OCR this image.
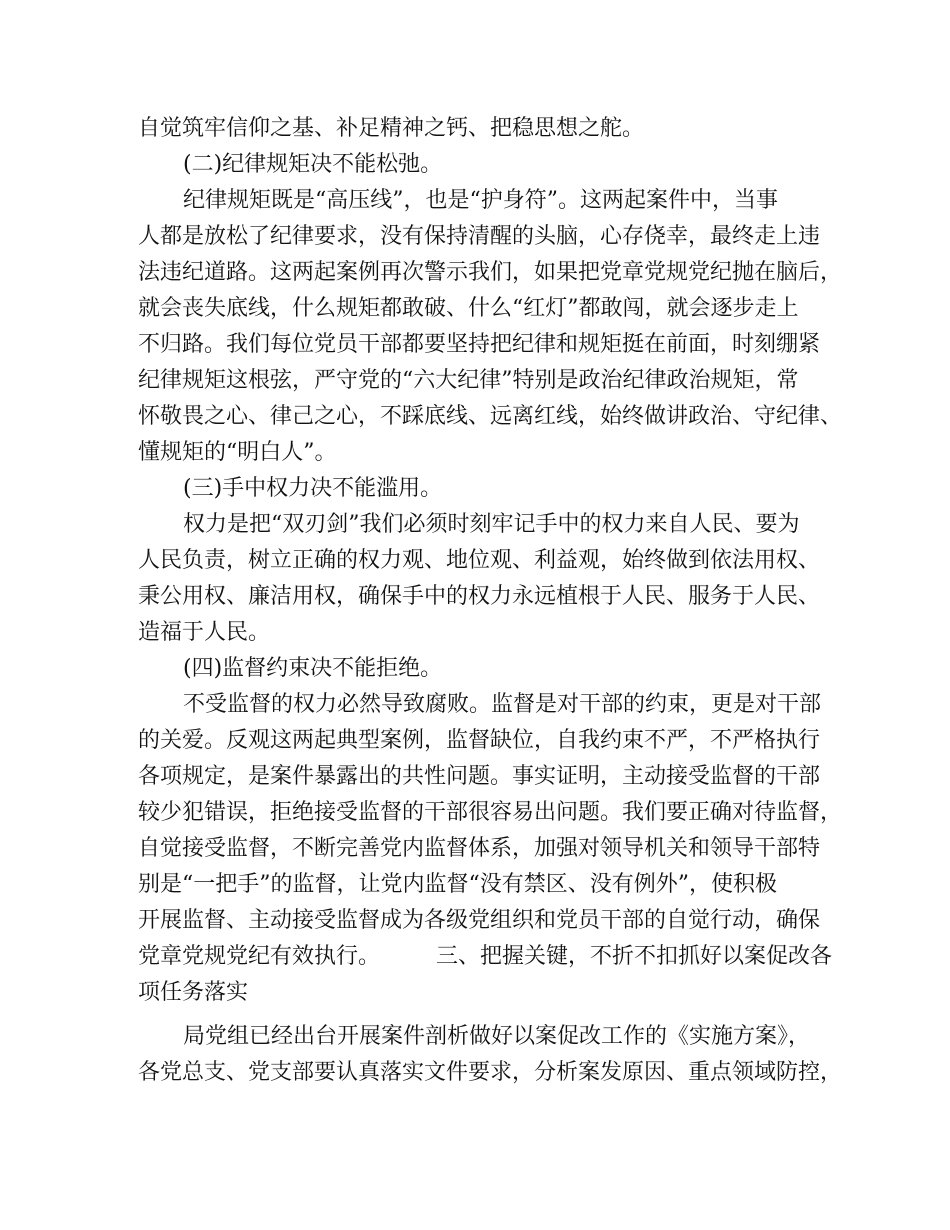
自觉筑牢信仰之基、补足精神之钙、把稳思想之舵。
(二)纪律规矩决不能松弛。
纪律规矩既是“高压线”，也是“护身符”。这两起案件中，当事
人都是放松了纪律要求，没有保持清醒的头脑，心存侥幸，最终走上违
法违纪道路。这两起案例再次警示我们，如果把党章党规党纪抛在脑后，
就会丧失底线，什么规矩都敢破、什么“红灯”都敢闯，就会逐步走上
不归路。我们每位党员干部都要坚持把纪律和规矩挺在前面，时刻绷紧
纪律规矩这根弦，严守党的“六大纪律”特别是政治纪律政治规矩，常
怀敬畏之心、律己之心，不踩底线、远离红线，始终做讲政治、守纪律、
懂规矩的“明白人”。
(三)手中权力决不能滥用。
权力是把“双刃剑”我们必须时刻牢记手中的权力来自人民、要为
人民负责，树立正确的权力观、地位观、利益观，始终做到依法用权、
秉公用权、廉洁用权，确保手中的权力永远植根于人民、服务于人民、
造福于人民。
(四)监督约束决不能拒绝。
不受监督的权力必然导致腐败。监督是对干部的约束，更是对干部
的关爱。反观这两起典型案例，监督缺位，自我约束不严，不严格执行
各项规定，是案件暴露出的共性问题。事实证明，主动接受监督的干部
较少犯错误，拒绝接受监督的干部很容易出问题。我们要正确对待监督，
自觉接受监督，不断完善党内监督体系，加强对领导机关和领导干部特
别是“一把手”的监督，让党内监督“没有禁区、没有例外”，使积极
开展监督、主动接受监督成为各级党组织和党员干部的自觉行动，确保
党章党规党纪有效执行。        三、把握关键，不折不扣抓好以案促改各
项任务落实
局党组已经出台开展案件剖析做好以案促改工作的《实施方案》，
各党总支、党支部要认真落实文件要求，分析案发原因、重点领域防控，
